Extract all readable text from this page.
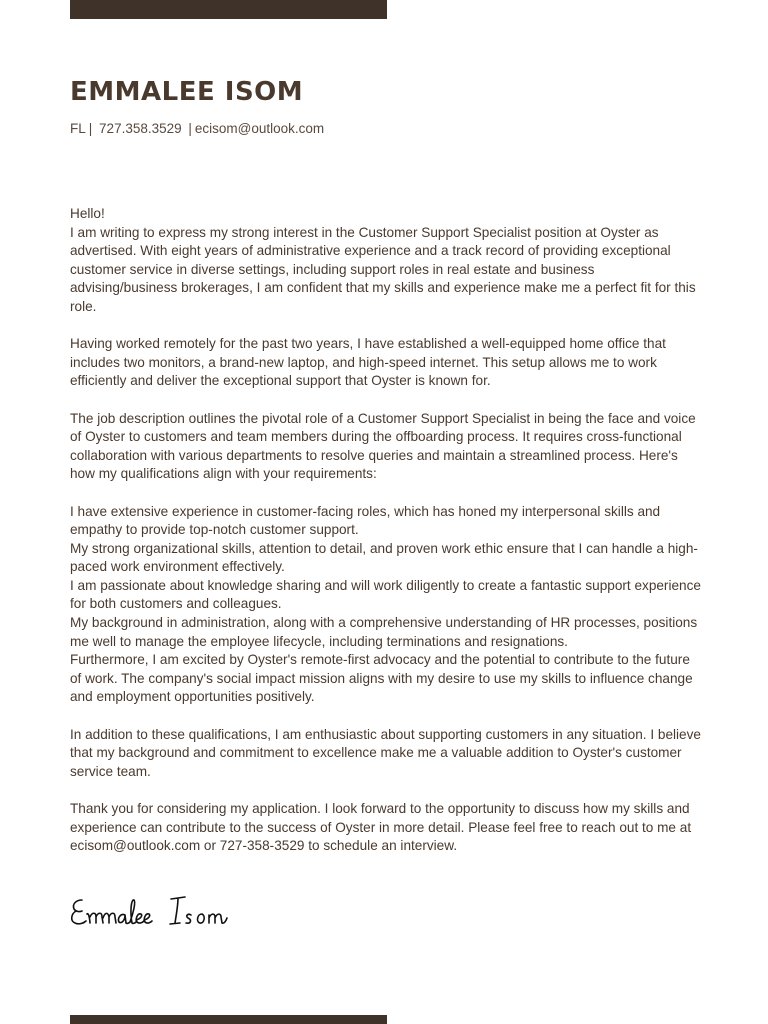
EMMALEE ISOM
FL | 727.358.3529 | ecisom@outlook.com

Hello!

I am writing to express my strong interest in the Customer Support Specialist position at Oyster as advertised. With eight years of administrative experience and a track record of providing exceptional customer service in diverse settings, including support roles in real estate and business advising/business brokerages, I am confident that my skills and experience make me a perfect fit for this role.

Having worked remotely for the past two years, I have established a well-equipped home office that includes two monitors, a brand-new laptop, and high-speed internet. This setup allows me to work efficiently and deliver the exceptional support that Oyster is known for.

The job description outlines the pivotal role of a Customer Support Specialist in being the face and voice of Oyster to customers and team members during the offboarding process. It requires cross-functional collaboration with various departments to resolve queries and maintain a streamlined process. Here's how my qualifications align with your requirements:

I have extensive experience in customer-facing roles, which has honed my interpersonal skills and empathy to provide top-notch customer support.

My strong organizational skills, attention to detail, and proven work ethic ensure that I can handle a high-paced work environment effectively.

I am passionate about knowledge sharing and will work diligently to create a fantastic support experience for both customers and colleagues.

My background in administration, along with a comprehensive understanding of HR processes, positions me well to manage the employee lifecycle, including terminations and resignations.

Furthermore, I am excited by Oyster's remote-first advocacy and the potential to contribute to the future of work. The company's social impact mission aligns with my desire to use my skills to influence change and employment opportunities positively.

In addition to these qualifications, I am enthusiastic about supporting customers in any situation. I believe that my background and commitment to excellence make me a valuable addition to Oyster's customer service team.

Thank you for considering my application. I look forward to the opportunity to discuss how my skills and experience can contribute to the success of Oyster in more detail. Please feel free to reach out to me at ecisom@outlook.com or 727-358-3529 to schedule an interview.
